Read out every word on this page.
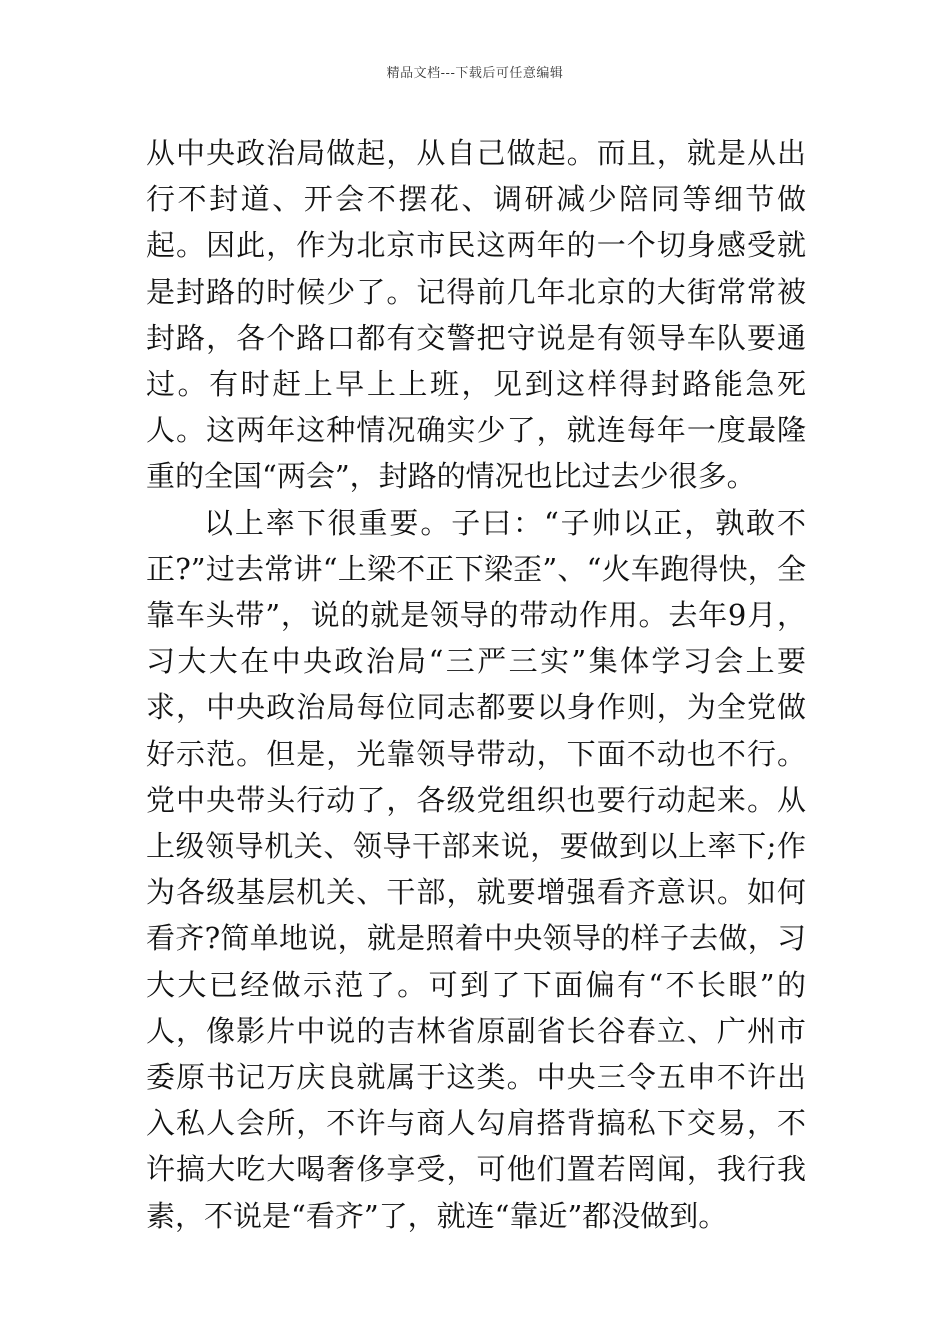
精品文档---下载后可任意编辑

从中央政治局做起，从自己做起。而且，就是从出行不封道、开会不摆花、调研减少陪同等细节做起。因此，作为北京市民这两年的一个切身感受就是封路的时候少了。记得前几年北京的大街常常被封路，各个路口都有交警把守说是有领导车队要通过。有时赶上早上上班，见到这样得封路能急死人。这两年这种情况确实少了，就连每年一度最隆重的全国“两会”，封路的情况也比过去少很多。

以上率下很重要。子曰：“子帅以正，孰敢不正?”过去常讲“上梁不正下梁歪”、“火车跑得快，全靠车头带”，说的就是领导的带动作用。去年9月，习大大在中央政治局“三严三实”集体学习会上要求，中央政治局每位同志都要以身作则，为全党做好示范。但是，光靠领导带动，下面不动也不行。党中央带头行动了，各级党组织也要行动起来。从上级领导机关、领导干部来说，要做到以上率下;作为各级基层机关、干部，就要增强看齐意识。如何看齐?简单地说，就是照着中央领导的样子去做，习大大已经做示范了。可到了下面偏有“不长眼”的人，像影片中说的吉林省原副省长谷春立、广州市委原书记万庆良就属于这类。中央三令五申不许出入私人会所，不许与商人勾肩搭背搞私下交易，不许搞大吃大喝奢侈享受，可他们置若罔闻，我行我素，不说是“看齐”了，就连“靠近”都没做到。
